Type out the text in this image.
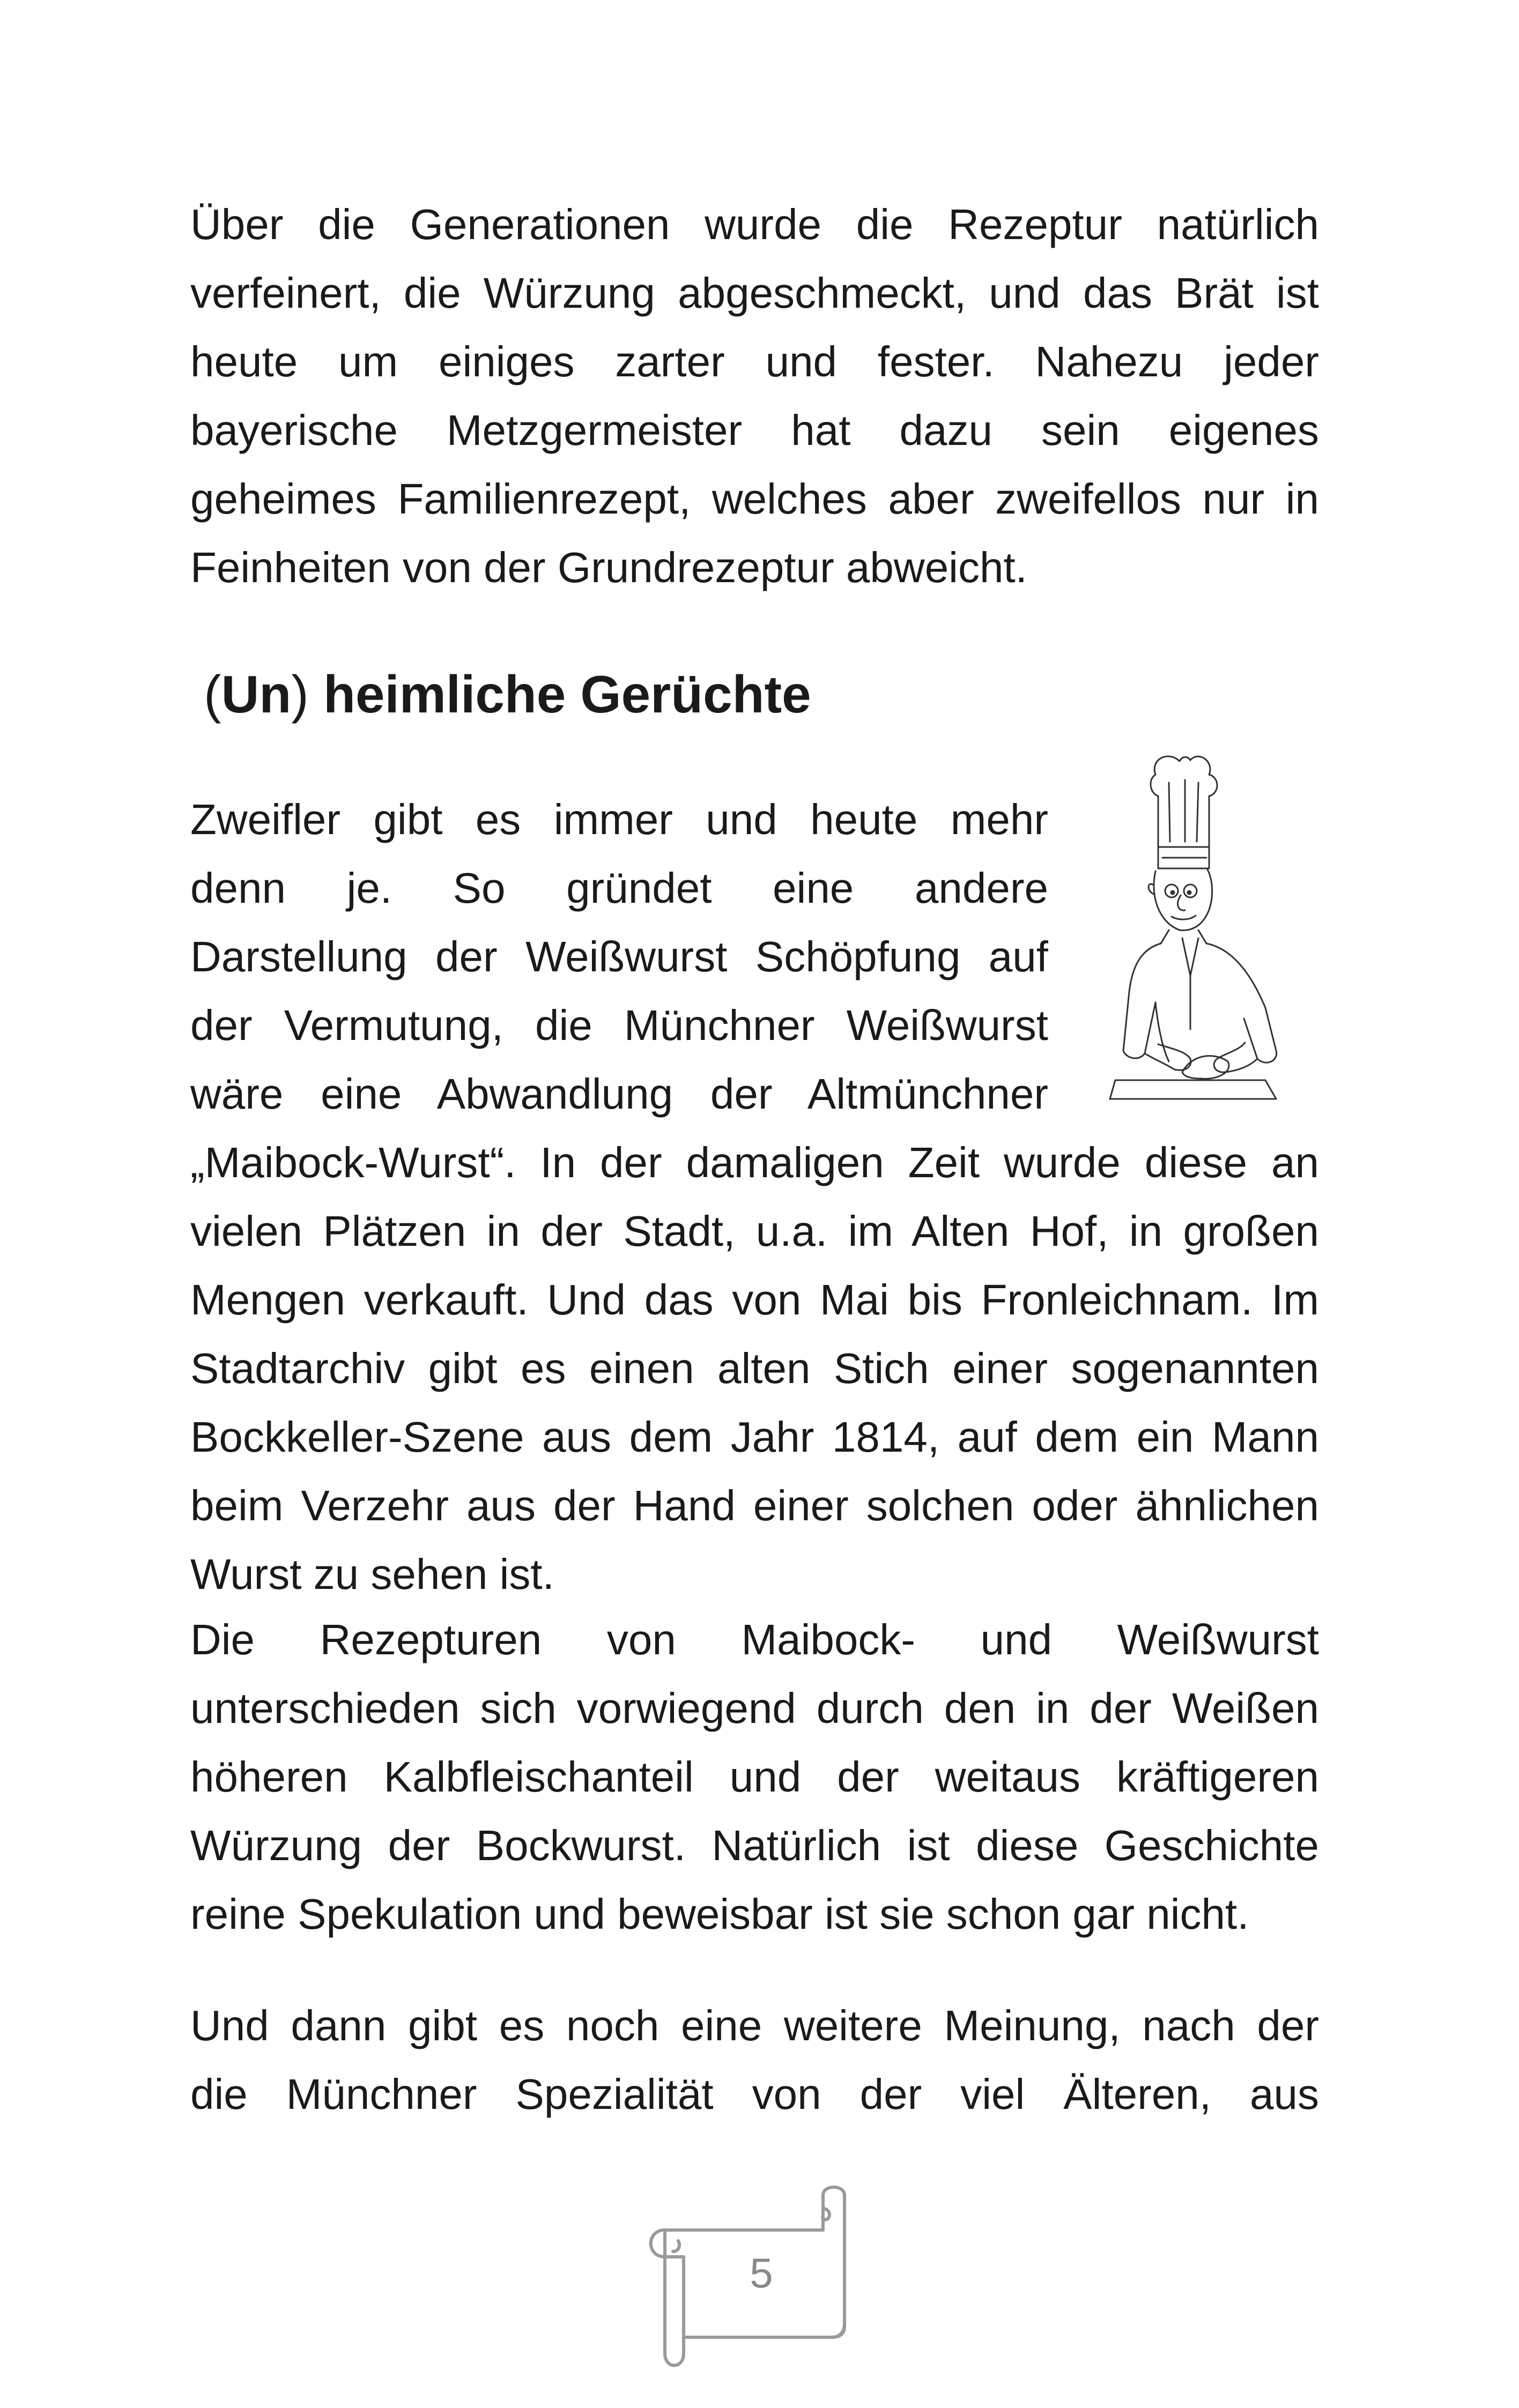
Über die Generationen wurde die Rezeptur natürlich
verfeinert, die Würzung abgeschmeckt, und das Brät ist
heute um einiges zarter und fester. Nahezu jeder
bayerische Metzgermeister hat dazu sein eigenes
geheimes Familienrezept, welches aber zweifellos nur in
Feinheiten von der Grundrezeptur abweicht.

(Un) heimliche Gerüchte

Zweifler gibt es immer und heute mehr
denn je. So gründet eine andere
Darstellung der Weißwurst Schöpfung auf
der Vermutung, die Münchner Weißwurst
wäre eine Abwandlung der Altmünchner

„Maibock-Wurst“. In der damaligen Zeit wurde diese an
vielen Plätzen in der Stadt, u.a. im Alten Hof, in großen
Mengen verkauft. Und das von Mai bis Fronleichnam. Im
Stadtarchiv gibt es einen alten Stich einer sogenannten
Bockkeller-Szene aus dem Jahr 1814, auf dem ein Mann
beim Verzehr aus der Hand einer solchen oder ähnlichen
Wurst zu sehen ist.

Die Rezepturen von Maibock- und Weißwurst
unterschieden sich vorwiegend durch den in der Weißen
höheren Kalbfleischanteil und der weitaus kräftigeren
Würzung der Bockwurst. Natürlich ist diese Geschichte
reine Spekulation und beweisbar ist sie schon gar nicht.

Und dann gibt es noch eine weitere Meinung, nach der
die Münchner Spezialität von der viel Älteren, aus

5
